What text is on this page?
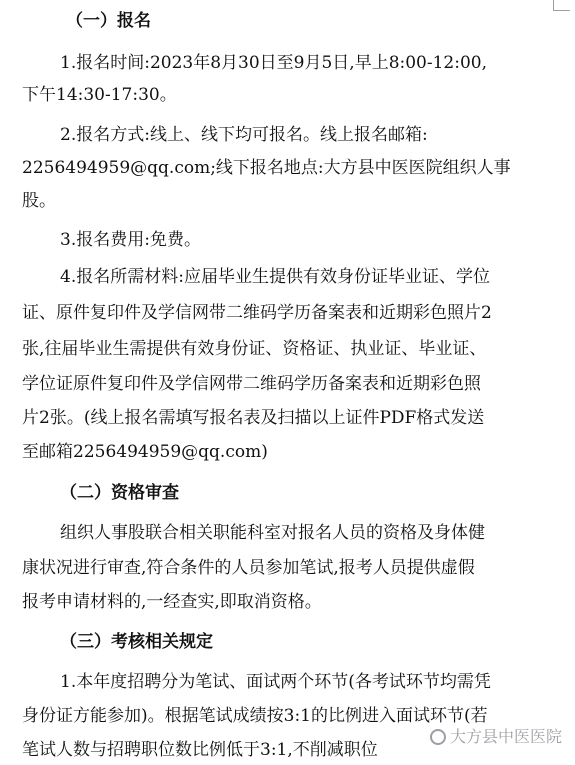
（一）报名
1.报名时间:2023年8月30日至9月5日,早上8:00-12:00,
下午14:30-17:30。
2.报名方式:线上、线下均可报名。线上报名邮箱:
2256494959@qq.com;线下报名地点:大方县中医医院组织人事
股。
3.报名费用:免费。
4.报名所需材料:应届毕业生提供有效身份证毕业证、学位
证、原件复印件及学信网带二维码学历备案表和近期彩色照片2
张,往届毕业生需提供有效身份证、资格证、执业证、毕业证、
学位证原件复印件及学信网带二维码学历备案表和近期彩色照
片2张。(线上报名需填写报名表及扫描以上证件PDF格式发送
至邮箱2256494959@qq.com)
（二）资格审查
组织人事股联合相关职能科室对报名人员的资格及身体健
康状况进行审查,符合条件的人员参加笔试,报考人员提供虚假
报考申请材料的,一经查实,即取消资格。
（三）考核相关规定
1.本年度招聘分为笔试、面试两个环节(各考试环节均需凭
身份证方能参加)。根据笔试成绩按3:1的比例进入面试环节(若
笔试人数与招聘职位数比例低于3:1,不削减职位
大方县中医医院
